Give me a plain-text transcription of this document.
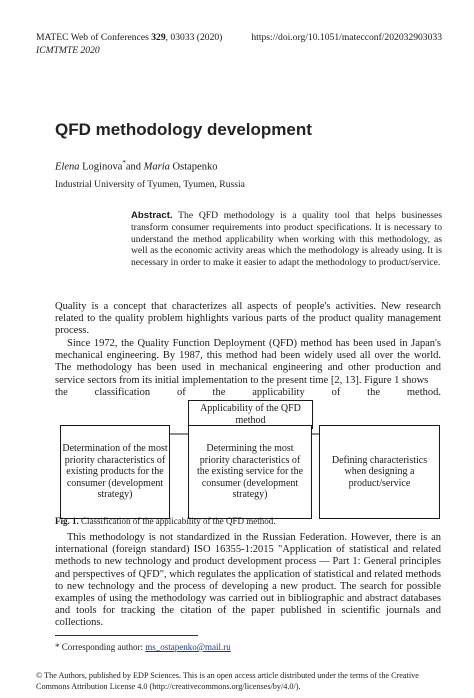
MATEC Web of Conferences 329, 03033 (2020)
ICMTMTE 2020
https://doi.org/10.1051/matecconf/202032903033
QFD methodology development
Elena Loginova*and Maria Ostapenko
Industrial University of Tyumen, Tyumen, Russia

Abstract. The QFD methodology is a quality tool that helps businesses transform consumer requirements into product specifications. It is necessary to understand the method applicability when working with this methodology, as well as the economic activity areas which the methodology is already using. It is necessary in order to make it easier to adapt the methodology to product/service.

Quality is a concept that characterizes all aspects of people's activities. New research related to the quality problem highlights various parts of the product quality management process.

Since 1972, the Quality Function Deployment (QFD) method has been used in Japan's mechanical engineering. By 1987, this method had been widely used all over the world. The methodology has been used in mechanical engineering and other production and service sectors from its initial implementation to the present time [2, 13]. Figure 1 shows
the classification of the applicability of the method.
Applicability of the QFD
method
Determination of the most
priority characteristics of
existing products for the
consumer (development
strategy)
Determining the most
priority characteristics of
the existing service for the
consumer (development
strategy)
Defining characteristics
when designing a
product/service
Fig. 1. Classification of the applicability of the QFD method.

This methodology is not standardized in the Russian Federation. However, there is an international (foreign standard) ISO 16355-1:2015 "Application of statistical and related methods to new technology and product development process — Part 1: General principles and perspectives of QFD", which regulates the application of statistical and related methods to new technology and the process of developing a new product. The search for possible examples of using the methodology was carried out in bibliographic and abstract databases and tools for tracking the citation of the paper published in scientific journals and collections.

* Corresponding author: ms_ostapenko@mail.ru

© The Authors, published by EDP Sciences. This is an open access article distributed under the terms of the Creative Commons Attribution License 4.0 (http://creativecommons.org/licenses/by/4.0/).
